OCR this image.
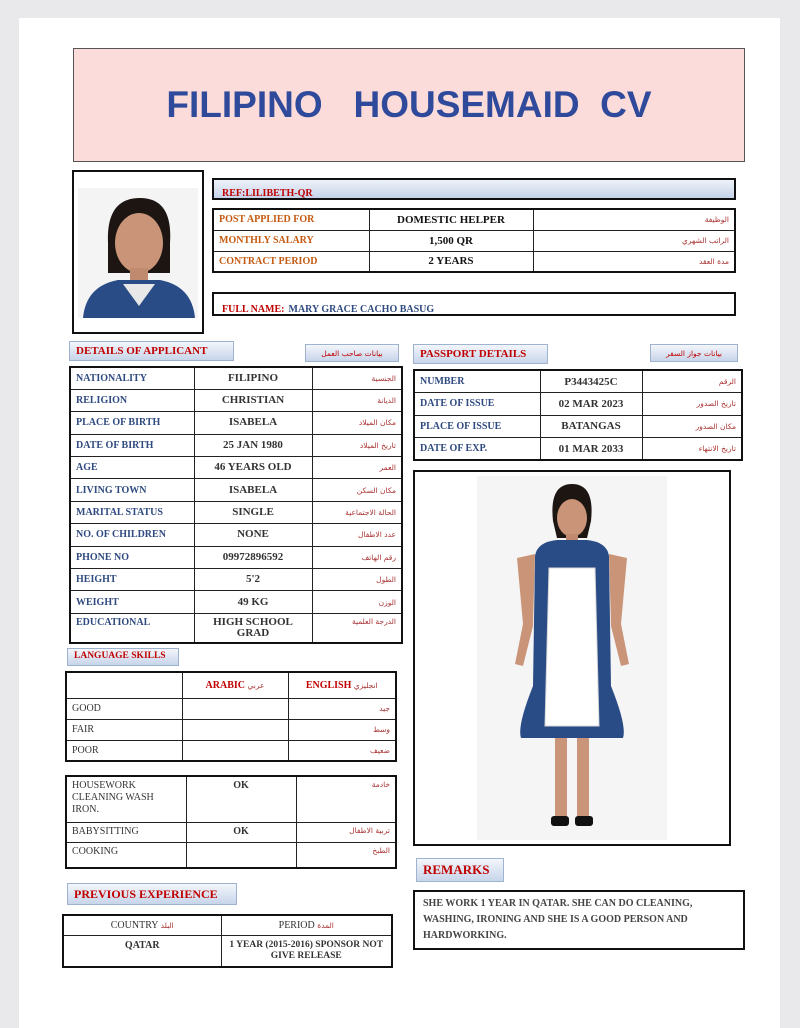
FILIPINO   HOUSEMAID  CV
REF:LILIBETH-QR
POST APPLIED FOR	DOMESTIC HELPER	الوظيفة
MONTHLY SALARY	1,500 QR	الراتب الشهري
CONTRACT PERIOD	2 YEARS	مدة العقد
FULL NAME: MARY GRACE CACHO BASUG
DETAILS OF APPLICANT	بيانات صاحب العمل
NATIONALITY	FILIPINO	الجنسية
RELIGION	CHRISTIAN	الديانة
PLACE OF BIRTH	ISABELA	مكان الميلاد
DATE OF BIRTH	25 JAN 1980	تاريخ الميلاد
AGE	46 YEARS OLD	العمر
LIVING TOWN	ISABELA	مكان السكن
MARITAL STATUS	SINGLE	الحالة الاجتماعية
NO. OF CHILDREN	NONE	عدد الاطفال
PHONE NO	09972896592	رقم الهاتف
HEIGHT	5'2	الطول
WEIGHT	49 KG	الوزن
EDUCATIONAL	HIGH SCHOOL GRAD	الدرجة العلمية
PASSPORT DETAILS	بيانات جواز السفر
NUMBER	P3443425C	الرقم
DATE OF ISSUE	02 MAR 2023	تاريخ الصدور
PLACE OF ISSUE	BATANGAS	مكان الصدور
DATE OF EXP.	01 MAR 2033	تاريخ الانتهاء
LANGUAGE SKILLS
	ARABIC عربي	ENGLISH انجليزي
GOOD		جيد
FAIR		وسط
POOR		ضعيف
HOUSEWORK CLEANING WASH IRON.	OK	خادمة
BABYSITTING	OK	تربية الاطفال
COOKING		الطبخ
PREVIOUS EXPERIENCE
COUNTRY البلد	PERIOD المدة
QATAR	1 YEAR (2015-2016) SPONSOR NOT GIVE RELEASE
REMARKS
SHE WORK 1 YEAR IN QATAR. SHE CAN DO CLEANING, WASHING, IRONING AND SHE IS A GOOD PERSON AND HARDWORKING.
